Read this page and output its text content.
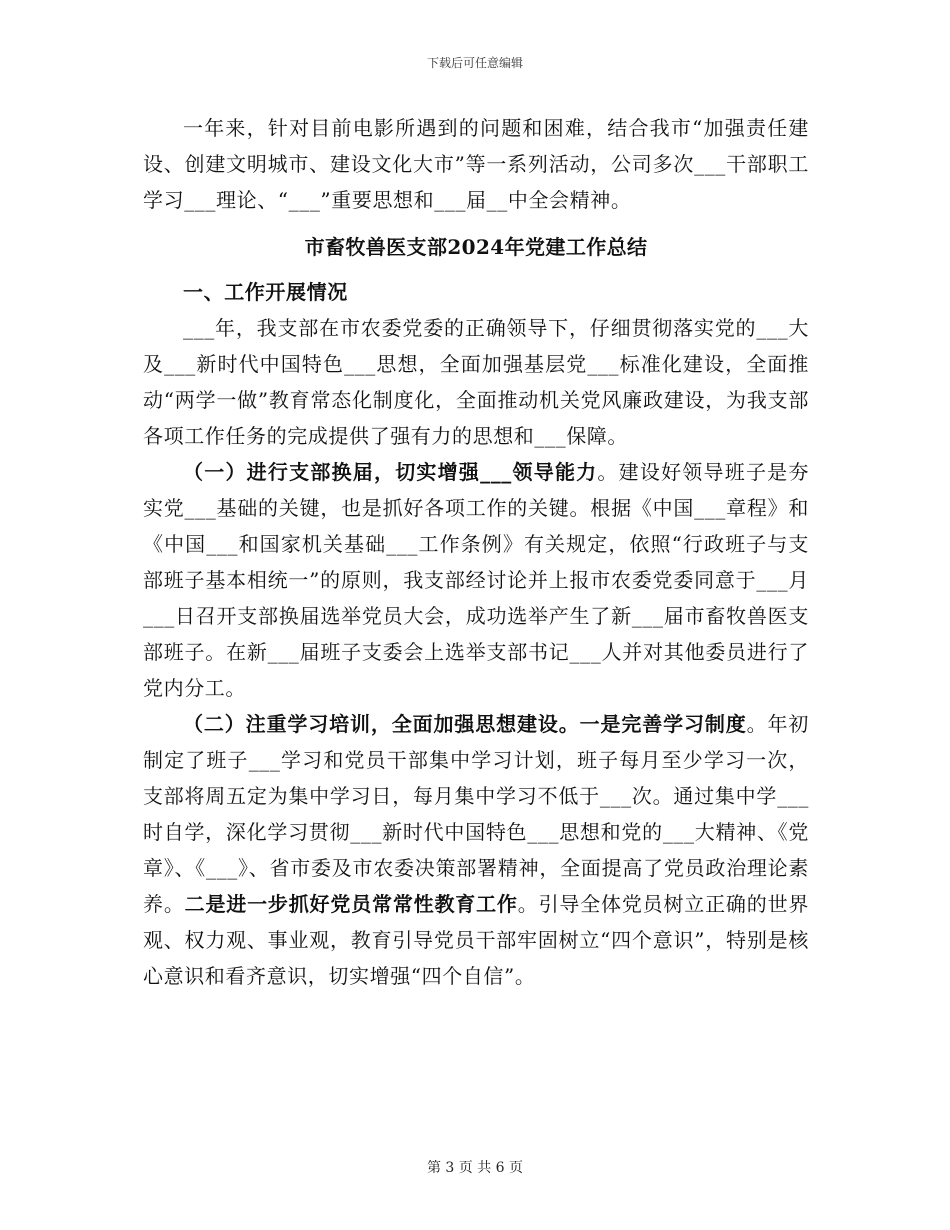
下载后可任意编辑

一年来，针对目前电影所遇到的问题和困难，结合我市“加强责任建设、创建文明城市、建设文化大市”等一系列活动，公司多次___干部职工学习___理论、“___”重要思想和___届__中全会精神。

市畜牧兽医支部2024年党建工作总结
一、工作开展情况

___年，我支部在市农委党委的正确领导下，仔细贯彻落实党的___大及___新时代中国特色___思想，全面加强基层党___标准化建设，全面推动“两学一做”教育常态化制度化，全面推动机关党风廉政建设，为我支部各项工作任务的完成提供了强有力的思想和___保障。

（一）进行支部换届，切实增强___领导能力。建设好领导班子是夯实党___基础的关键，也是抓好各项工作的关键。根据《中国___章程》和《中国___和国家机关基础___工作条例》有关规定，依照“行政班子与支部班子基本相统一”的原则，我支部经讨论并上报市农委党委同意于___月___日召开支部换届选举党员大会，成功选举产生了新___届市畜牧兽医支部班子。在新___届班子支委会上选举支部书记___人并对其他委员进行了党内分工。

（二）注重学习培训，全面加强思想建设。一是完善学习制度。年初制定了班子___学习和党员干部集中学习计划，班子每月至少学习一次，支部将周五定为集中学习日，每月集中学习不低于___次。通过集中学___时自学，深化学习贯彻___新时代中国特色___思想和党的___大精神、《党章》、《___》、省市委及市农委决策部署精神，全面提高了党员政治理论素养。二是进一步抓好党员常常性教育工作。引导全体党员树立正确的世界观、权力观、事业观，教育引导党员干部牢固树立“四个意识”，特别是核心意识和看齐意识，切实增强“四个自信”。

第 3 页 共 6 页
